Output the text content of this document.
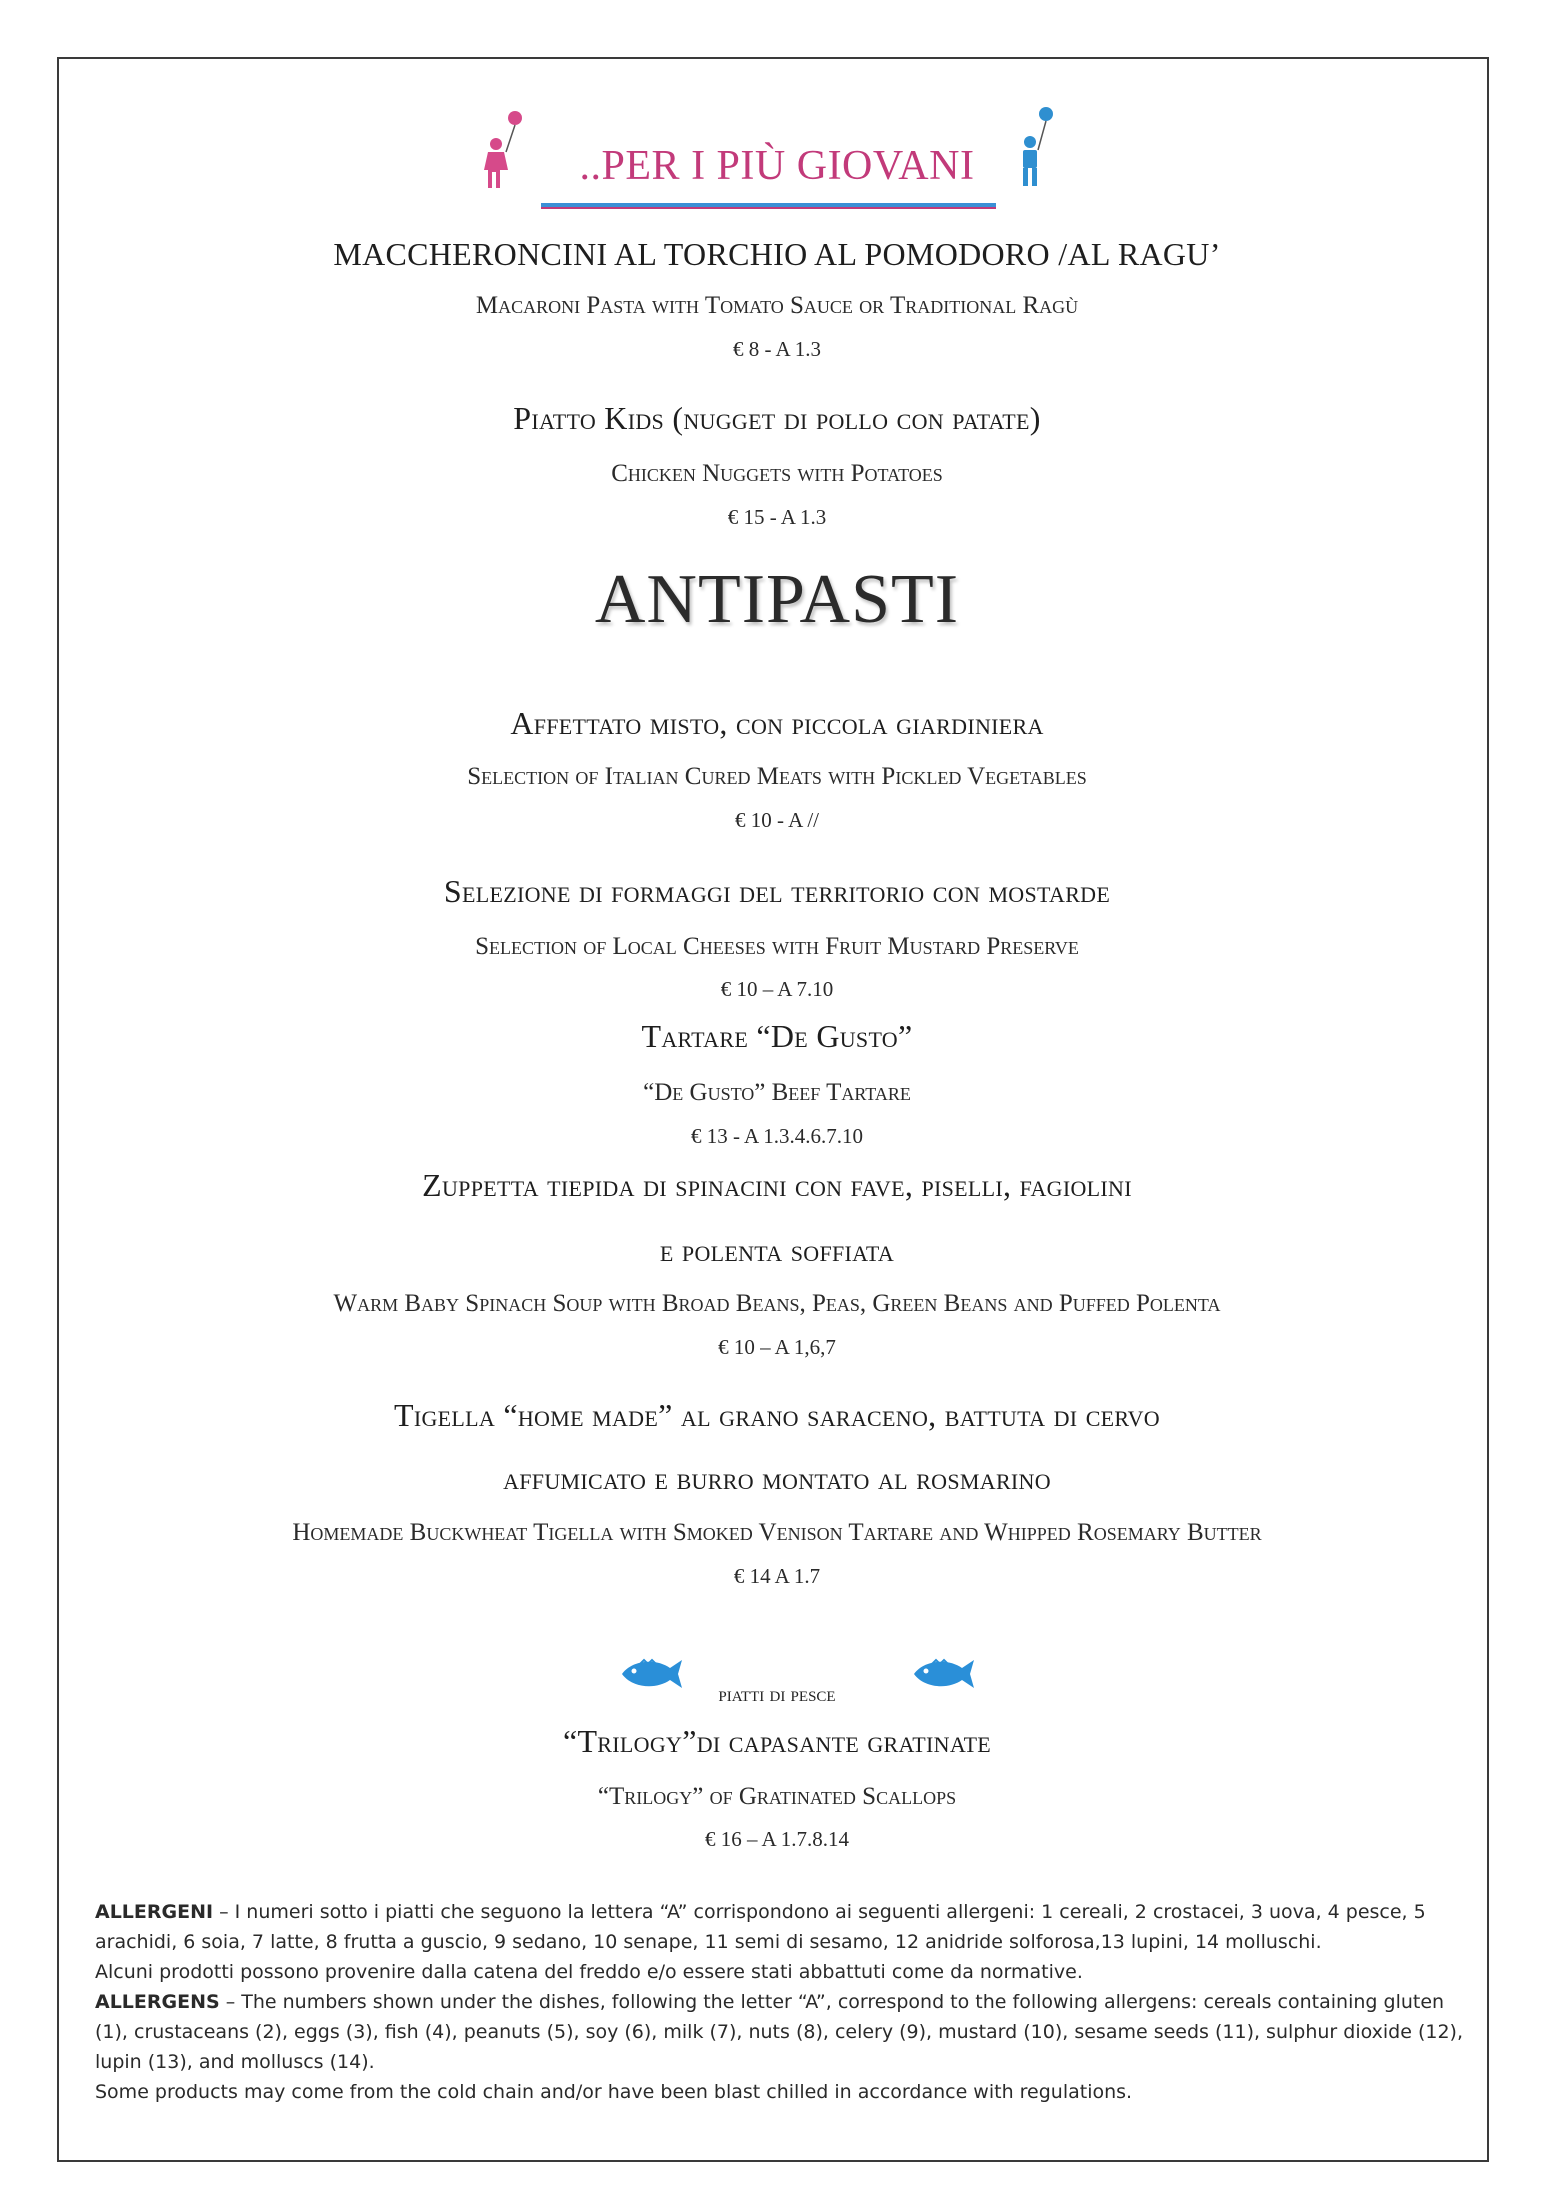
..PER I PIÙ GIOVANI
MACCHERONCINI AL TORCHIO AL POMODORO /AL RAGU’
Macaroni Pasta with Tomato Sauce or Traditional Ragù
€ 8 - A 1.3
Piatto Kids (nugget di pollo con patate)
Chicken Nuggets with Potatoes
€ 15 - A 1.3
ANTIPASTI
Affettato misto, con piccola giardiniera
Selection of Italian Cured Meats with Pickled Vegetables
€ 10 - A //
Selezione di formaggi del territorio con mostarde
Selection of Local Cheeses with Fruit Mustard Preserve
€ 10 – A 7.10
Tartare “De Gusto”
“De Gusto” Beef Tartare
€ 13 - A 1.3.4.6.7.10
Zuppetta tiepida di spinacini con fave, piselli, fagiolini
e polenta soffiata
Warm Baby Spinach Soup with Broad Beans, Peas, Green Beans and Puffed Polenta
€ 10 – A 1,6,7
Tigella “home made” al grano saraceno, battuta di cervo
affumicato e burro montato al rosmarino
Homemade Buckwheat Tigella with Smoked Venison Tartare and Whipped Rosemary Butter
€ 14 A 1.7
piatti di pesce
“Trilogy”di capasante gratinate
“Trilogy” of Gratinated Scallops
€ 16 – A 1.7.8.14

ALLERGENI – I numeri sotto i piatti che seguono la lettera “A” corrispondono ai seguenti allergeni: 1 cereali, 2 crostacei, 3 uova, 4 pesce, 5 arachidi, 6 soia, 7 latte, 8 frutta a guscio, 9 sedano, 10 senape, 11 semi di sesamo, 12 anidride solforosa,13 lupini, 14 molluschi.

Alcuni prodotti possono provenire dalla catena del freddo e/o essere stati abbattuti come da normative.

ALLERGENS – The numbers shown under the dishes, following the letter “A”, correspond to the following allergens: cereals containing gluten (1), crustaceans (2), eggs (3), fish (4), peanuts (5), soy (6), milk (7), nuts (8), celery (9), mustard (10), sesame seeds (11), sulphur dioxide (12), lupin (13), and molluscs (14).

Some products may come from the cold chain and/or have been blast chilled in accordance with regulations.
